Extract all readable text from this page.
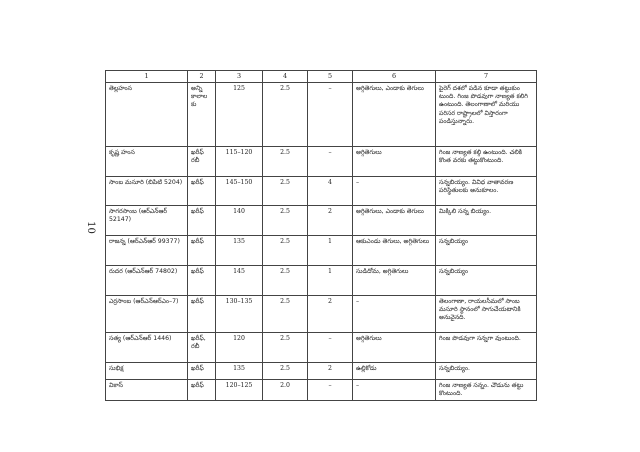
10
1	2	3	4	5	6	7
తెల్లహంస	అన్ని కాలాలకు	125	2.5	–	అగ్గితెగులు, ఎండాకు తెగులు	పైరెగ్ దశలో పడిన కూడా తట్టుకుం టుంది. గింజ పొడవుగా నాణ్యత కలిగి ఉంటుంది. తెలంగాణాలో మరియు పరిసర రాష్ట్రాలలో విస్తారంగా పండిస్తున్నారు.
కృష్ణ హంస	ఖరీఫ్ రబీ	115–120	2.5	–	అగ్గితెగులు	గింజ నాణ్యత కల్గి ఉంటుంది. చలికి కొంత వరకు తట్టుకొంటుంది.
సాంబ మసూరి (బిపిటి 5204)	ఖరీఫ్	145–150	2.5	4	–	సన్నబియ్యం. వివిధ వాతావరణ పరిస్థితులకు అనుకూలం.
సాగరసాంబ (ఆర్‌ఎన్‌ఆర్ 52147)	ఖరీఫ్	140	2.5	2	అగ్గితెగులు, ఎండాకు తెగులు	మిక్కిలి సన్న బియ్యం.
రాజన్న (ఆర్‌ఎన్‌ఆర్ 99377)	ఖరీఫ్	135	2.5	1	ఆకుఎండు తెగులు, అగ్గితెగులు	సన్నబియ్యం
రుదర (ఆర్‌ఎన్‌ఆర్ 74802)	ఖరీఫ్	145	2.5	1	సుడిదోమ, అగ్గితెగులు	సన్నబియ్యం
ఎర్రసాంబ (ఆర్‌ఎన్‌ఆర్‌ఎం–7)	ఖరీఫ్	130–135	2.5	2	–	తెలంగాణా, రాయలసీమలో సాంబ మసూరి స్థానంలో సాగుచేయటానికి అనువైనది.
సత్య (ఆర్‌ఎన్‌ఆర్ 1446)	ఖరీఫ్, రబీ	120	2.5	–	అగ్గితెగులు	గింజ పొడవుగా సన్నగా వుంటుంది.
సుభిక్ష	ఖరీఫ్	135	2.5	2	ఉల్లికోడు	సన్నబియ్యం.
వికాస్	ఖరీఫ్	120–125	2.0	–	–	గింజ నాణ్యత సన్నం. చౌడును తట్టు కొంటుంది.
